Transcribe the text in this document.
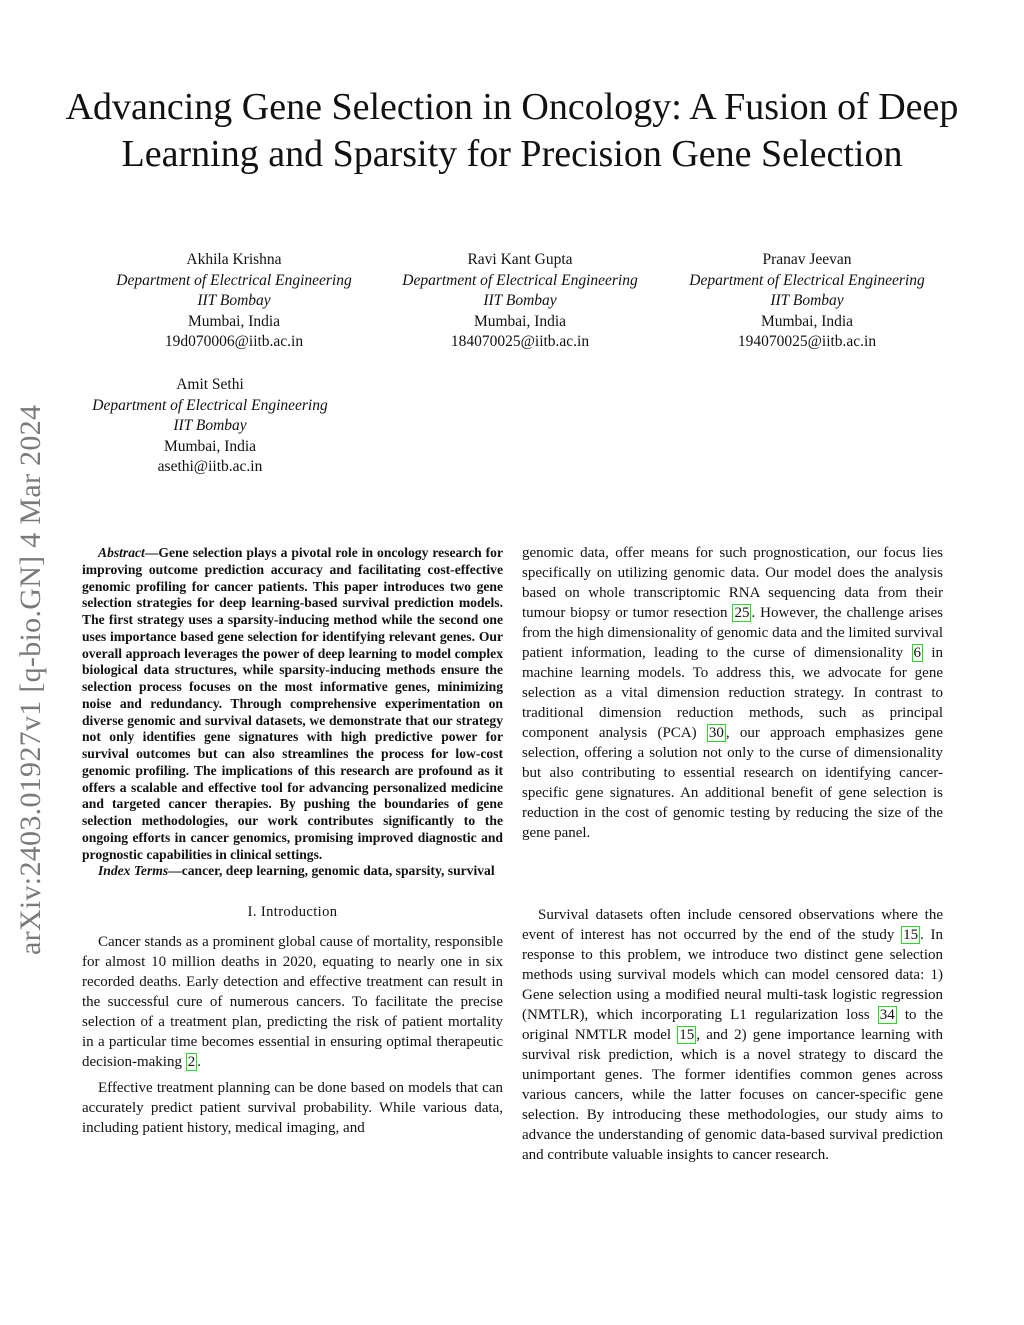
arXiv:2403.01927v1 [q-bio.GN] 4 Mar 2024
Advancing Gene Selection in Oncology: A Fusion of Deep Learning and Sparsity for Precision Gene Selection
Akhila Krishna
Department of Electrical Engineering
IIT Bombay
Mumbai, India
19d070006@iitb.ac.in
Ravi Kant Gupta
Department of Electrical Engineering
IIT Bombay
Mumbai, India
184070025@iitb.ac.in
Pranav Jeevan
Department of Electrical Engineering
IIT Bombay
Mumbai, India
194070025@iitb.ac.in
Amit Sethi
Department of Electrical Engineering
IIT Bombay
Mumbai, India
asethi@iitb.ac.in

Abstract—Gene selection plays a pivotal role in oncology research for improving outcome prediction accuracy and facilitating cost-effective genomic profiling for cancer patients. This paper introduces two gene selection strategies for deep learning-based survival prediction models. The first strategy uses a sparsity-inducing method while the second one uses importance based gene selection for identifying relevant genes. Our overall approach leverages the power of deep learning to model complex biological data structures, while sparsity-inducing methods ensure the selection process focuses on the most informative genes, minimizing noise and redundancy. Through comprehensive experimentation on diverse genomic and survival datasets, we demonstrate that our strategy not only identifies gene signatures with high predictive power for survival outcomes but can also streamlines the process for low-cost genomic profiling. The implications of this research are profound as it offers a scalable and effective tool for advancing personalized medicine and targeted cancer therapies. By pushing the boundaries of gene selection methodologies, our work contributes significantly to the ongoing efforts in cancer genomics, promising improved diagnostic and prognostic capabilities in clinical settings.

Index Terms—cancer, deep learning, genomic data, sparsity, survival

I. Introduction

Cancer stands as a prominent global cause of mortality, responsible for almost 10 million deaths in 2020, equating to nearly one in six recorded deaths. Early detection and effective treatment can result in the successful cure of numerous cancers. To facilitate the precise selection of a treatment plan, predicting the risk of patient mortality in a particular time becomes essential in ensuring optimal therapeutic decision-making 2 .

Effective treatment planning can be done based on models that can accurately predict patient survival probability. While various data, including patient history, medical imaging, and

genomic data, offer means for such prognostication, our focus lies specifically on utilizing genomic data. Our model does the analysis based on whole transcriptomic RNA sequencing data from their tumour biopsy or tumor resection 25 . However, the challenge arises from the high dimensionality of genomic data and the limited survival patient information, leading to the curse of dimensionality 6 in machine learning models. To address this, we advocate for gene selection as a vital dimension reduction strategy. In contrast to traditional dimension reduction methods, such as principal component analysis (PCA) 30 , our approach emphasizes gene selection, offering a solution not only to the curse of dimensionality but also contributing to essential research on identifying cancer-specific gene signatures. An additional benefit of gene selection is reduction in the cost of genomic testing by reducing the size of the gene panel.

Survival datasets often include censored observations where the event of interest has not occurred by the end of the study 15 . In response to this problem, we introduce two distinct gene selection methods using survival models which can model censored data: 1) Gene selection using a modified neural multi-task logistic regression (NMTLR), which incorporating L1 regularization loss 34 to the original NMTLR model 15 , and 2) gene importance learning with survival risk prediction, which is a novel strategy to discard the unimportant genes. The former identifies common genes across various cancers, while the latter focuses on cancer-specific gene selection. By introducing these methodologies, our study aims to advance the understanding of genomic data-based survival prediction and contribute valuable insights to cancer research.
